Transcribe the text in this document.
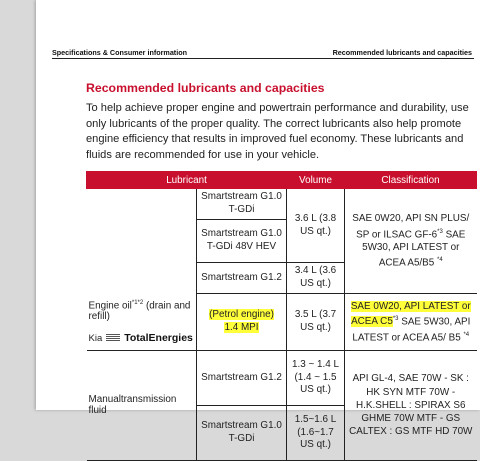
Specifications & Consumer information	Recommended lubricants and capacities
Recommended lubricants and capacities
To help achieve proper engine and powertrain performance and durability, use only lubricants of the proper quality. The correct lubricants also help promote engine efficiency that results in improved fuel economy. These lubricants and fluids are recommended for use in your vehicle.
Lubricant		Volume	Classification

Engine oil$^{*1*2}$ (drain and refill)
Kia TotalEnergies	Smartstream G1.0 T-GDi	3.6 L (3.8 US qt.)	SAE 0W20, API SN PLUS/ SP or ILSAC GF-6$^{*3}$ SAE 5W30, API LATEST or ACEA A5/B5 $^{*4}$
	Smartstream G1.0 T-GDi 48V HEV		
	Smartstream G1.2	3.4 L (3.6 US qt.)	
	(Petrol engine) 1.4 MPI	3.5 L (3.7 US qt.)	SAE 0W20, API LATEST or ACEA C5$^{*3}$ SAE 5W30, API LATEST or ACEA A5/ B5 $^{*4}$
Manualtransmission fluid	Smartstream G1.2	1.3 ~ 1.4 L (1.4 ~ 1.5 US qt.)	API GL-4, SAE 70W - SK : HK SYN MTF 70W - H.K.SHELL : SPIRAX S6 GHME 70W MTF - GS CALTEX : GS MTF HD 70W
	Smartstream G1.0 T-GDi	1.5~1.6 L (1.6~1.7 US qt.)	
